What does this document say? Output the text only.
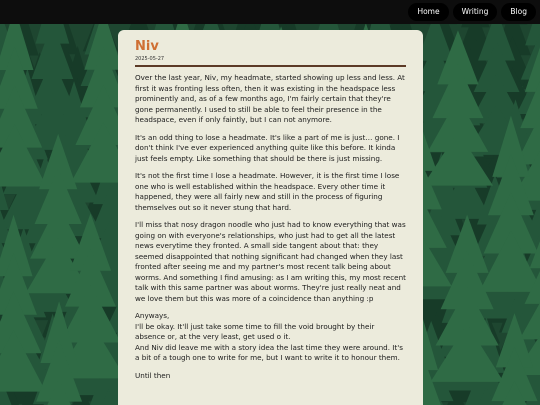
Home	Writing	Blog
Niv
2025-05-27

Over the last year, Niv, my headmate, started showing up less and less. At first it was fronting less often, then it was existing in the headspace less prominently and, as of a few months ago, I'm fairly certain that they're gone permanently. I used to still be able to feel their presence in the headspace, even if only faintly, but I can not anymore.

It's an odd thing to lose a headmate. It's like a part of me is just… gone. I don't think I've ever experienced anything quite like this before. It kinda just feels empty. Like something that should be there is just missing.

It's not the first time I lose a headmate. However, it is the first time I lose one who is well established within the headspace. Every other time it happened, they were all fairly new and still in the process of figuring themselves out so it never stung that hard.

I'll miss that nosy dragon noodle who just had to know everything that was going on with everyone's relationships, who just had to get all the latest news everytime they fronted. A small side tangent about that: they seemed disappointed that nothing significant had changed when they last fronted after seeing me and my partner's most recent talk being about worms. And something I find amusing: as I am writing this, my most recent talk with this same partner was about worms. They're just really neat and we love them but this was more of a coincidence than anything :p

Anyways,
I'll be okay. It'll just take some time to fill the void brought by their absence or, at the very least, get used o it.
And Niv did leave me with a story idea the last time they were around. It's a bit of a tough one to write for me, but I want to write it to honour them.

Until then
